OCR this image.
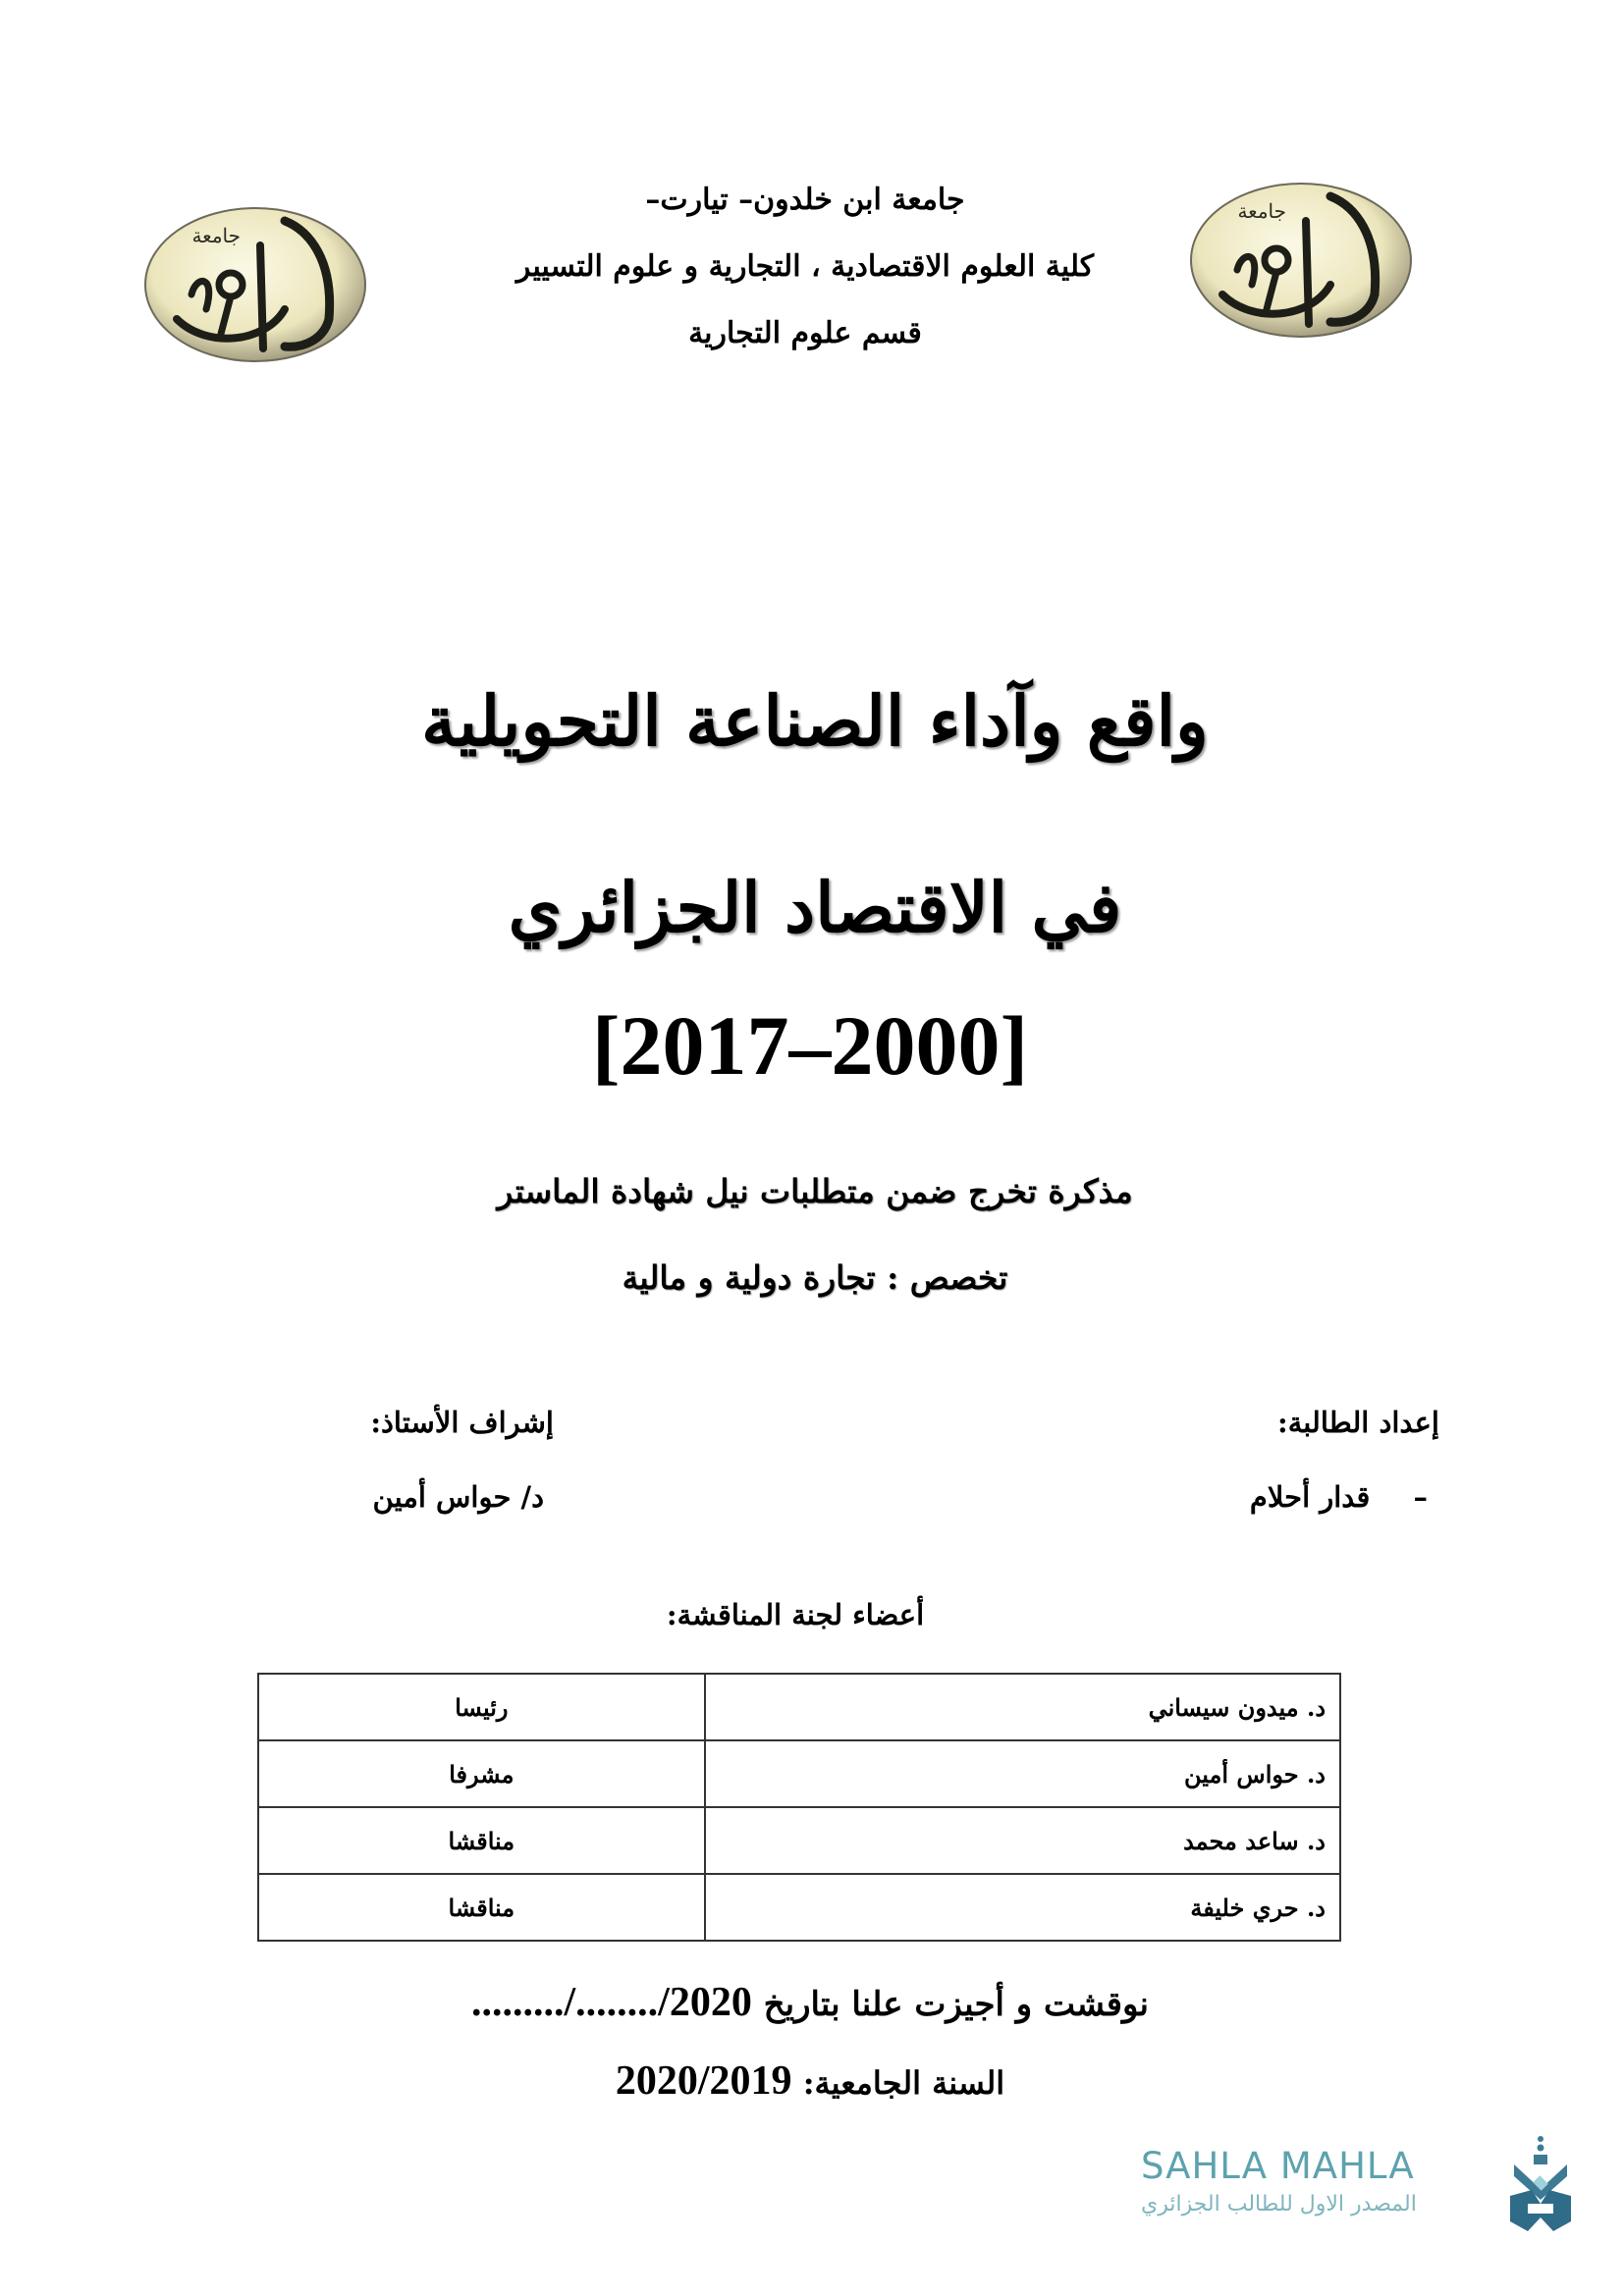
جامعة
جامعة
جامعة ابن خلدون– تيارت–
كلية العلوم الاقتصادية ، التجارية و علوم التسيير
قسم علوم التجارية
واقع وآداء الصناعة التحويلية
في الاقتصاد الجزائري
[2017–2000]
مذكرة تخرج ضمن متطلبات نيل شهادة الماستر
تخصص : تجارة دولية و مالية
إعداد الطالبة:
– قدار أحلام
إشراف الأستاذ:
د/ حواس أمين
أعضاء لجنة المناقشة:
د. ميدون سيساني	رئيسا
د. حواس أمين	مشرفا
د. ساعد محمد	مناقشا
د. حري خليفة	مناقشا
نوقشت و أجيزت علنا بتاريخ ........./......../2020
السنة الجامعية: 2020/2019
SAHLA MAHLA
المصدر الاول للطالب الجزائري
